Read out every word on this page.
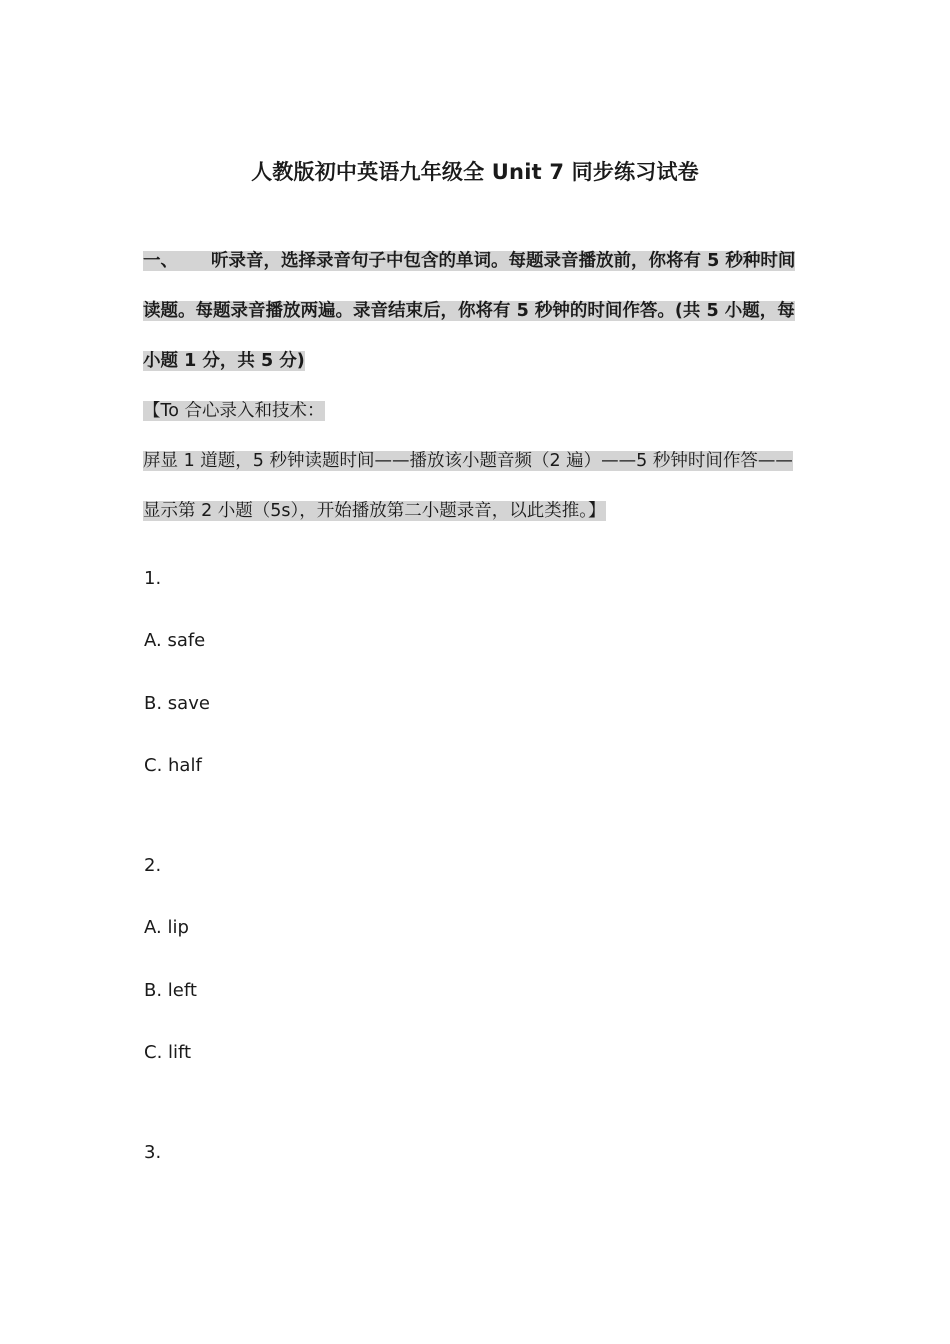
人教版初中英语九年级全 Unit 7 同步练习试卷
一、 听录音，选择录音句子中包含的单词。每题录音播放前，你将有 5 秒种时间读题。每题录音播放两遍。录音结束后，你将有 5 秒钟的时间作答。(共 5 小题，每小题 1 分，共 5 分)
【To 合心录入和技术：
屏显 1 道题，5 秒钟读题时间——播放该小题音频（2 遍）——5 秒钟时间作答——显示第 2 小题（5s），开始播放第二小题录音，以此类推。】
1.
A. safe
B. save
C. half
2.
A. lip
B. left
C. lift
3.
